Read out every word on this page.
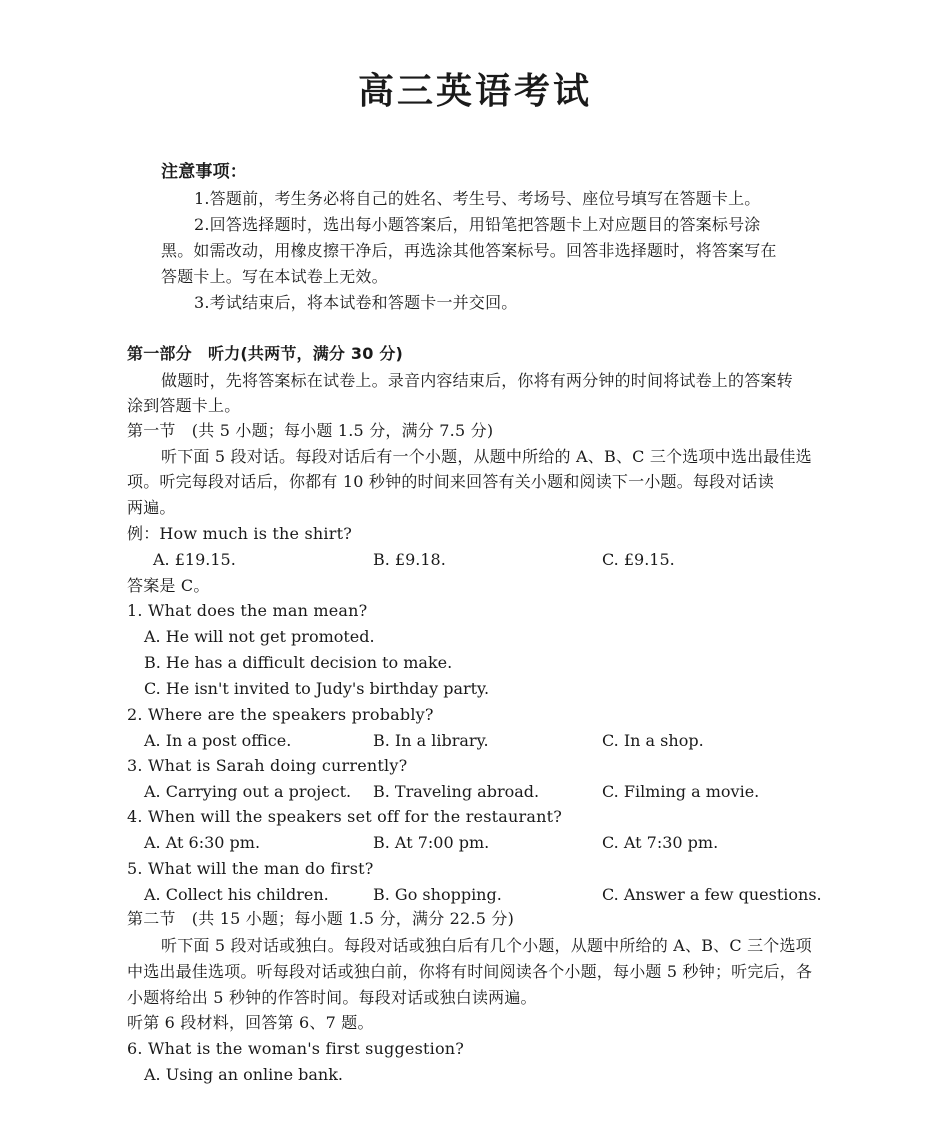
高三英语考试
注意事项：
1.答题前，考生务必将自己的姓名、考生号、考场号、座位号填写在答题卡上。
2.回答选择题时，选出每小题答案后，用铅笔把答题卡上对应题目的答案标号涂
黑。如需改动，用橡皮擦干净后，再选涂其他答案标号。回答非选择题时，将答案写在
答题卡上。写在本试卷上无效。
3.考试结束后，将本试卷和答题卡一并交回。
第一部分　听力(共两节，满分 30 分)
做题时，先将答案标在试卷上。录音内容结束后，你将有两分钟的时间将试卷上的答案转
涂到答题卡上。
第一节　(共 5 小题；每小题 1.5 分，满分 7.5 分)
听下面 5 段对话。每段对话后有一个小题，从题中所给的 A、B、C 三个选项中选出最佳选
项。听完每段对话后，你都有 10 秒钟的时间来回答有关小题和阅读下一小题。每段对话读
两遍。
例：How much is the shirt?
A. £19.15.	B. £9.18.	C. £9.15.
答案是 C。
1. What does the man mean?
A. He will not get promoted.
B. He has a difficult decision to make.
C. He isn't invited to Judy's birthday party.
2. Where are the speakers probably?
A. In a post office.	B. In a library.	C. In a shop.
3. What is Sarah doing currently?
A. Carrying out a project. B. Traveling abroad.	C. Filming a movie.
4. When will the speakers set off for the restaurant?
A. At 6:30 pm.	B. At 7:00 pm.	C. At 7:30 pm.
5. What will the man do first?
A. Collect his children.	B. Go shopping.	C. Answer a few questions.
第二节　(共 15 小题；每小题 1.5 分，满分 22.5 分)
听下面 5 段对话或独白。每段对话或独白后有几个小题，从题中所给的 A、B、C 三个选项
中选出最佳选项。听每段对话或独白前，你将有时间阅读各个小题，每小题 5 秒钟；听完后，各
小题将给出 5 秒钟的作答时间。每段对话或独白读两遍。
听第 6 段材料，回答第 6、7 题。
6. What is the woman's first suggestion?
A. Using an online bank.
